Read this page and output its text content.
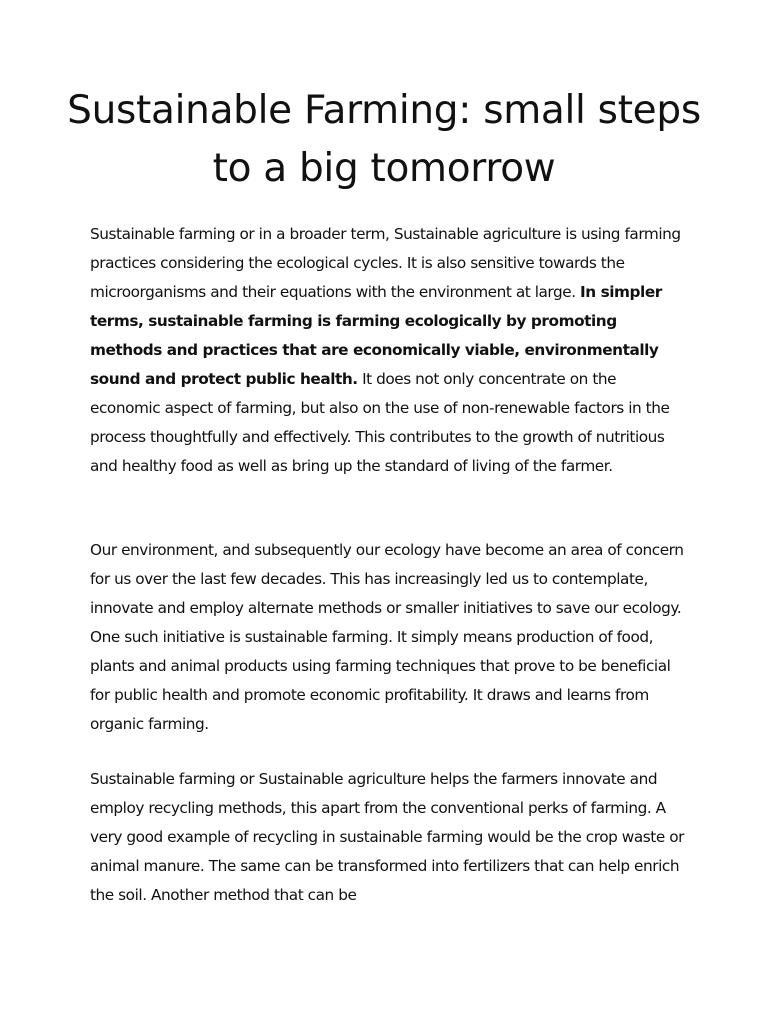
Sustainable Farming: small steps to a big tomorrow

Sustainable farming or in a broader term, Sustainable agriculture is using farming practices considering the ecological cycles. It is also sensitive towards the microorganisms and their equations with the environment at large. In simpler terms, sustainable farming is farming ecologically by promoting methods and practices that are economically viable, environmentally sound and protect public health. It does not only concentrate on the economic aspect of farming, but also on the use of non-renewable factors in the process thoughtfully and effectively. This contributes to the growth of nutritious and healthy food as well as bring up the standard of living of the farmer.

Our environment, and subsequently our ecology have become an area of concern for us over the last few decades. This has increasingly led us to contemplate, innovate and employ alternate methods or smaller initiatives to save our ecology. One such initiative is sustainable farming. It simply means production of food, plants and animal products using farming techniques that prove to be beneficial for public health and promote economic profitability. It draws and learns from organic farming.

Sustainable farming or Sustainable agriculture helps the farmers innovate and employ recycling methods, this apart from the conventional perks of farming. A very good example of recycling in sustainable farming would be the crop waste or animal manure. The same can be transformed into fertilizers that can help enrich the soil. Another method that can be
